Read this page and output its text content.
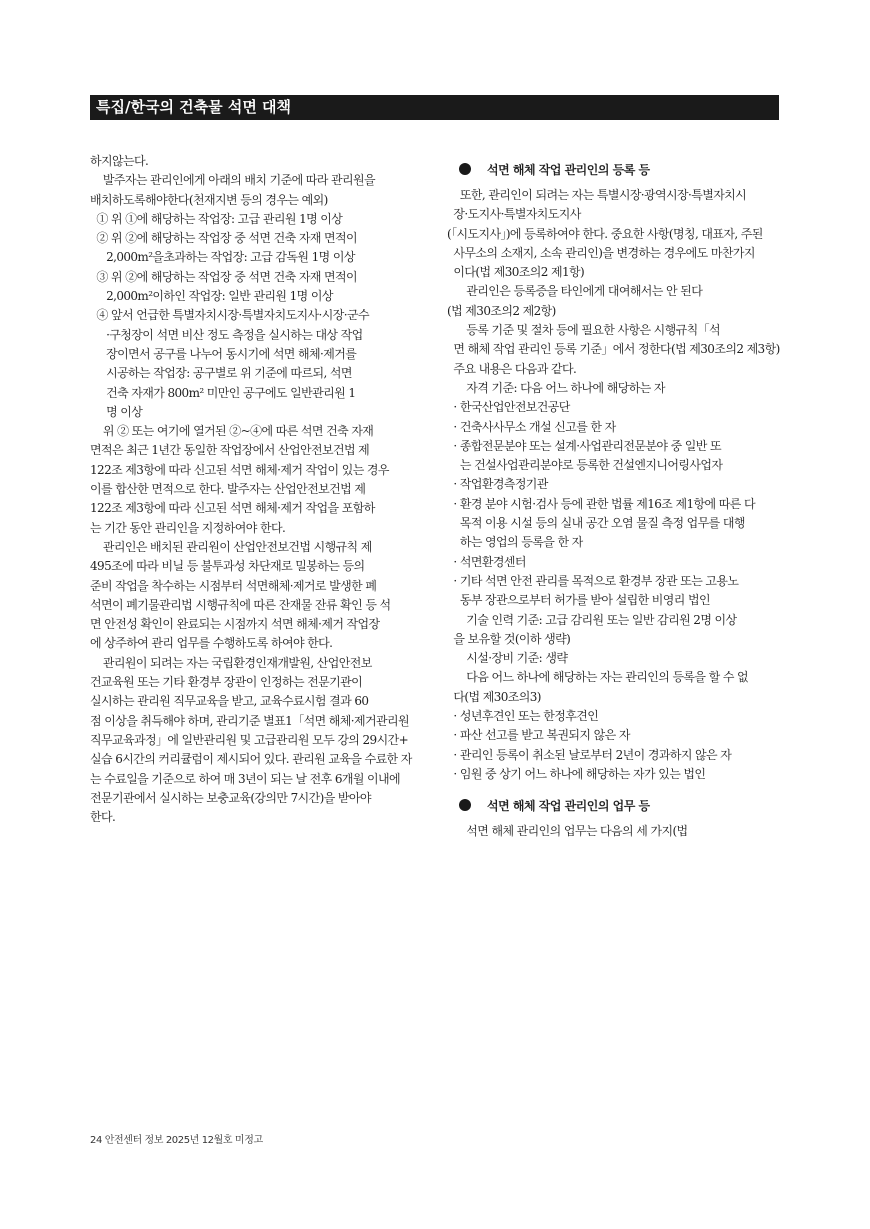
특집/한국의 건축물 석면 대책

하지않는다.

발주자는 관리인에게 아래의 배치 기준에 따라 관리원을

배치하도록해야한다(천재지변 등의 경우는 예외)

① 위 ①에 해당하는 작업장: 고급 관리원 1명 이상

② 위 ②에 해당하는 작업장 중 석면 건축 자재 면적이

2,000m²을초과하는 작업장: 고급 감독원 1명 이상

③ 위 ②에 해당하는 작업장 중 석면 건축 자재 면적이

2,000m²이하인 작업장: 일반 관리원 1명 이상

④ 앞서 언급한 특별자치시장·특별자치도지사·시장·군수

·구청장이 석면 비산 정도 측정을 실시하는 대상 작업

장이면서 공구를 나누어 동시기에 석면 해체·제거를

시공하는 작업장: 공구별로 위 기준에 따르되, 석면

건축 자재가 800m² 미만인 공구에도 일반관리원 1

명 이상

위 ② 또는 여기에 열거된 ②~④에 따른 석면 건축 자재

면적은 최근 1년간 동일한 작업장에서 산업안전보건법 제

122조 제3항에 따라 신고된 석면 해체·제거 작업이 있는 경우

이를 합산한 면적으로 한다. 발주자는 산업안전보건법 제

122조 제3항에 따라 신고된 석면 해체·제거 작업을 포함하

는 기간 동안 관리인을 지정하여야 한다.

관리인은 배치된 관리원이 산업안전보건법 시행규칙 제

495조에 따라 비닐 등 불투과성 차단재로 밀봉하는 등의

준비 작업을 착수하는 시점부터 석면해체·제거로 발생한 폐

석면이 폐기물관리법 시행규칙에 따른 잔재물 잔류 확인 등 석

면 안전성 확인이 완료되는 시점까지 석면 해체·제거 작업장

에 상주하여 관리 업무를 수행하도록 하여야 한다.

관리원이 되려는 자는 국립환경인재개발원, 산업안전보

건교육원 또는 기타 환경부 장관이 인정하는 전문기관이

실시하는 관리원 직무교육을 받고, 교육수료시험 결과 60

점 이상을 취득해야 하며, 관리기준 별표1「석면 해체·제거관리원

직무교육과정」에 일반관리원 및 고급관리원 모두 강의 29시간+

실습 6시간의 커리큘럼이 제시되어 있다. 관리원 교육을 수료한 자

는 수료일을 기준으로 하여 매 3년이 되는 날 전후 6개월 이내에

전문기관에서 실시하는 보충교육(강의만 7시간)을 받아야

한다.

석면 해체 작업 관리인의 등록 등

또한, 관리인이 되려는 자는 특별시장·광역시장·특별자치시

장·도지사·특별자치도지사

(「시도지사」)에 등록하여야 한다. 중요한 사항(명칭, 대표자, 주된

사무소의 소재지, 소속 관리인)을 변경하는 경우에도 마찬가지

이다(법 제30조의2 제1항)

관리인은 등록증을 타인에게 대여해서는 안 된다

(법 제30조의2 제2항)

등록 기준 및 절차 등에 필요한 사항은 시행규칙「석

면 해체 작업 관리인 등록 기준」에서 정한다(법 제30조의2 제3항)

주요 내용은 다음과 같다.

자격 기준: 다음 어느 하나에 해당하는 자

· 한국산업안전보건공단

· 건축사사무소 개설 신고를 한 자

· 종합전문분야 또는 설계·사업관리전문분야 중 일반 또

는 건설사업관리분야로 등록한 건설엔지니어링사업자

· 작업환경측정기관

· 환경 분야 시험·검사 등에 관한 법률 제16조 제1항에 따른 다

목적 이용 시설 등의 실내 공간 오염 물질 측정 업무를 대행

하는 영업의 등록을 한 자

· 석면환경센터

· 기타 석면 안전 관리를 목적으로 환경부 장관 또는 고용노

동부 장관으로부터 허가를 받아 설립한 비영리 법인

기술 인력 기준: 고급 감리원 또는 일반 감리원 2명 이상

을 보유할 것(이하 생략)

시설·장비 기준: 생략

다음 어느 하나에 해당하는 자는 관리인의 등록을 할 수 없

다(법 제30조의3)

· 성년후견인 또는 한정후견인

· 파산 선고를 받고 복권되지 않은 자

· 관리인 등록이 취소된 날로부터 2년이 경과하지 않은 자

· 임원 중 상기 어느 하나에 해당하는 자가 있는 법인

석면 해체 작업 관리인의 업무 등

석면 해체 관리인의 업무는 다음의 세 가지(법

24 안전센터 정보 2025년 12월호 미정고
